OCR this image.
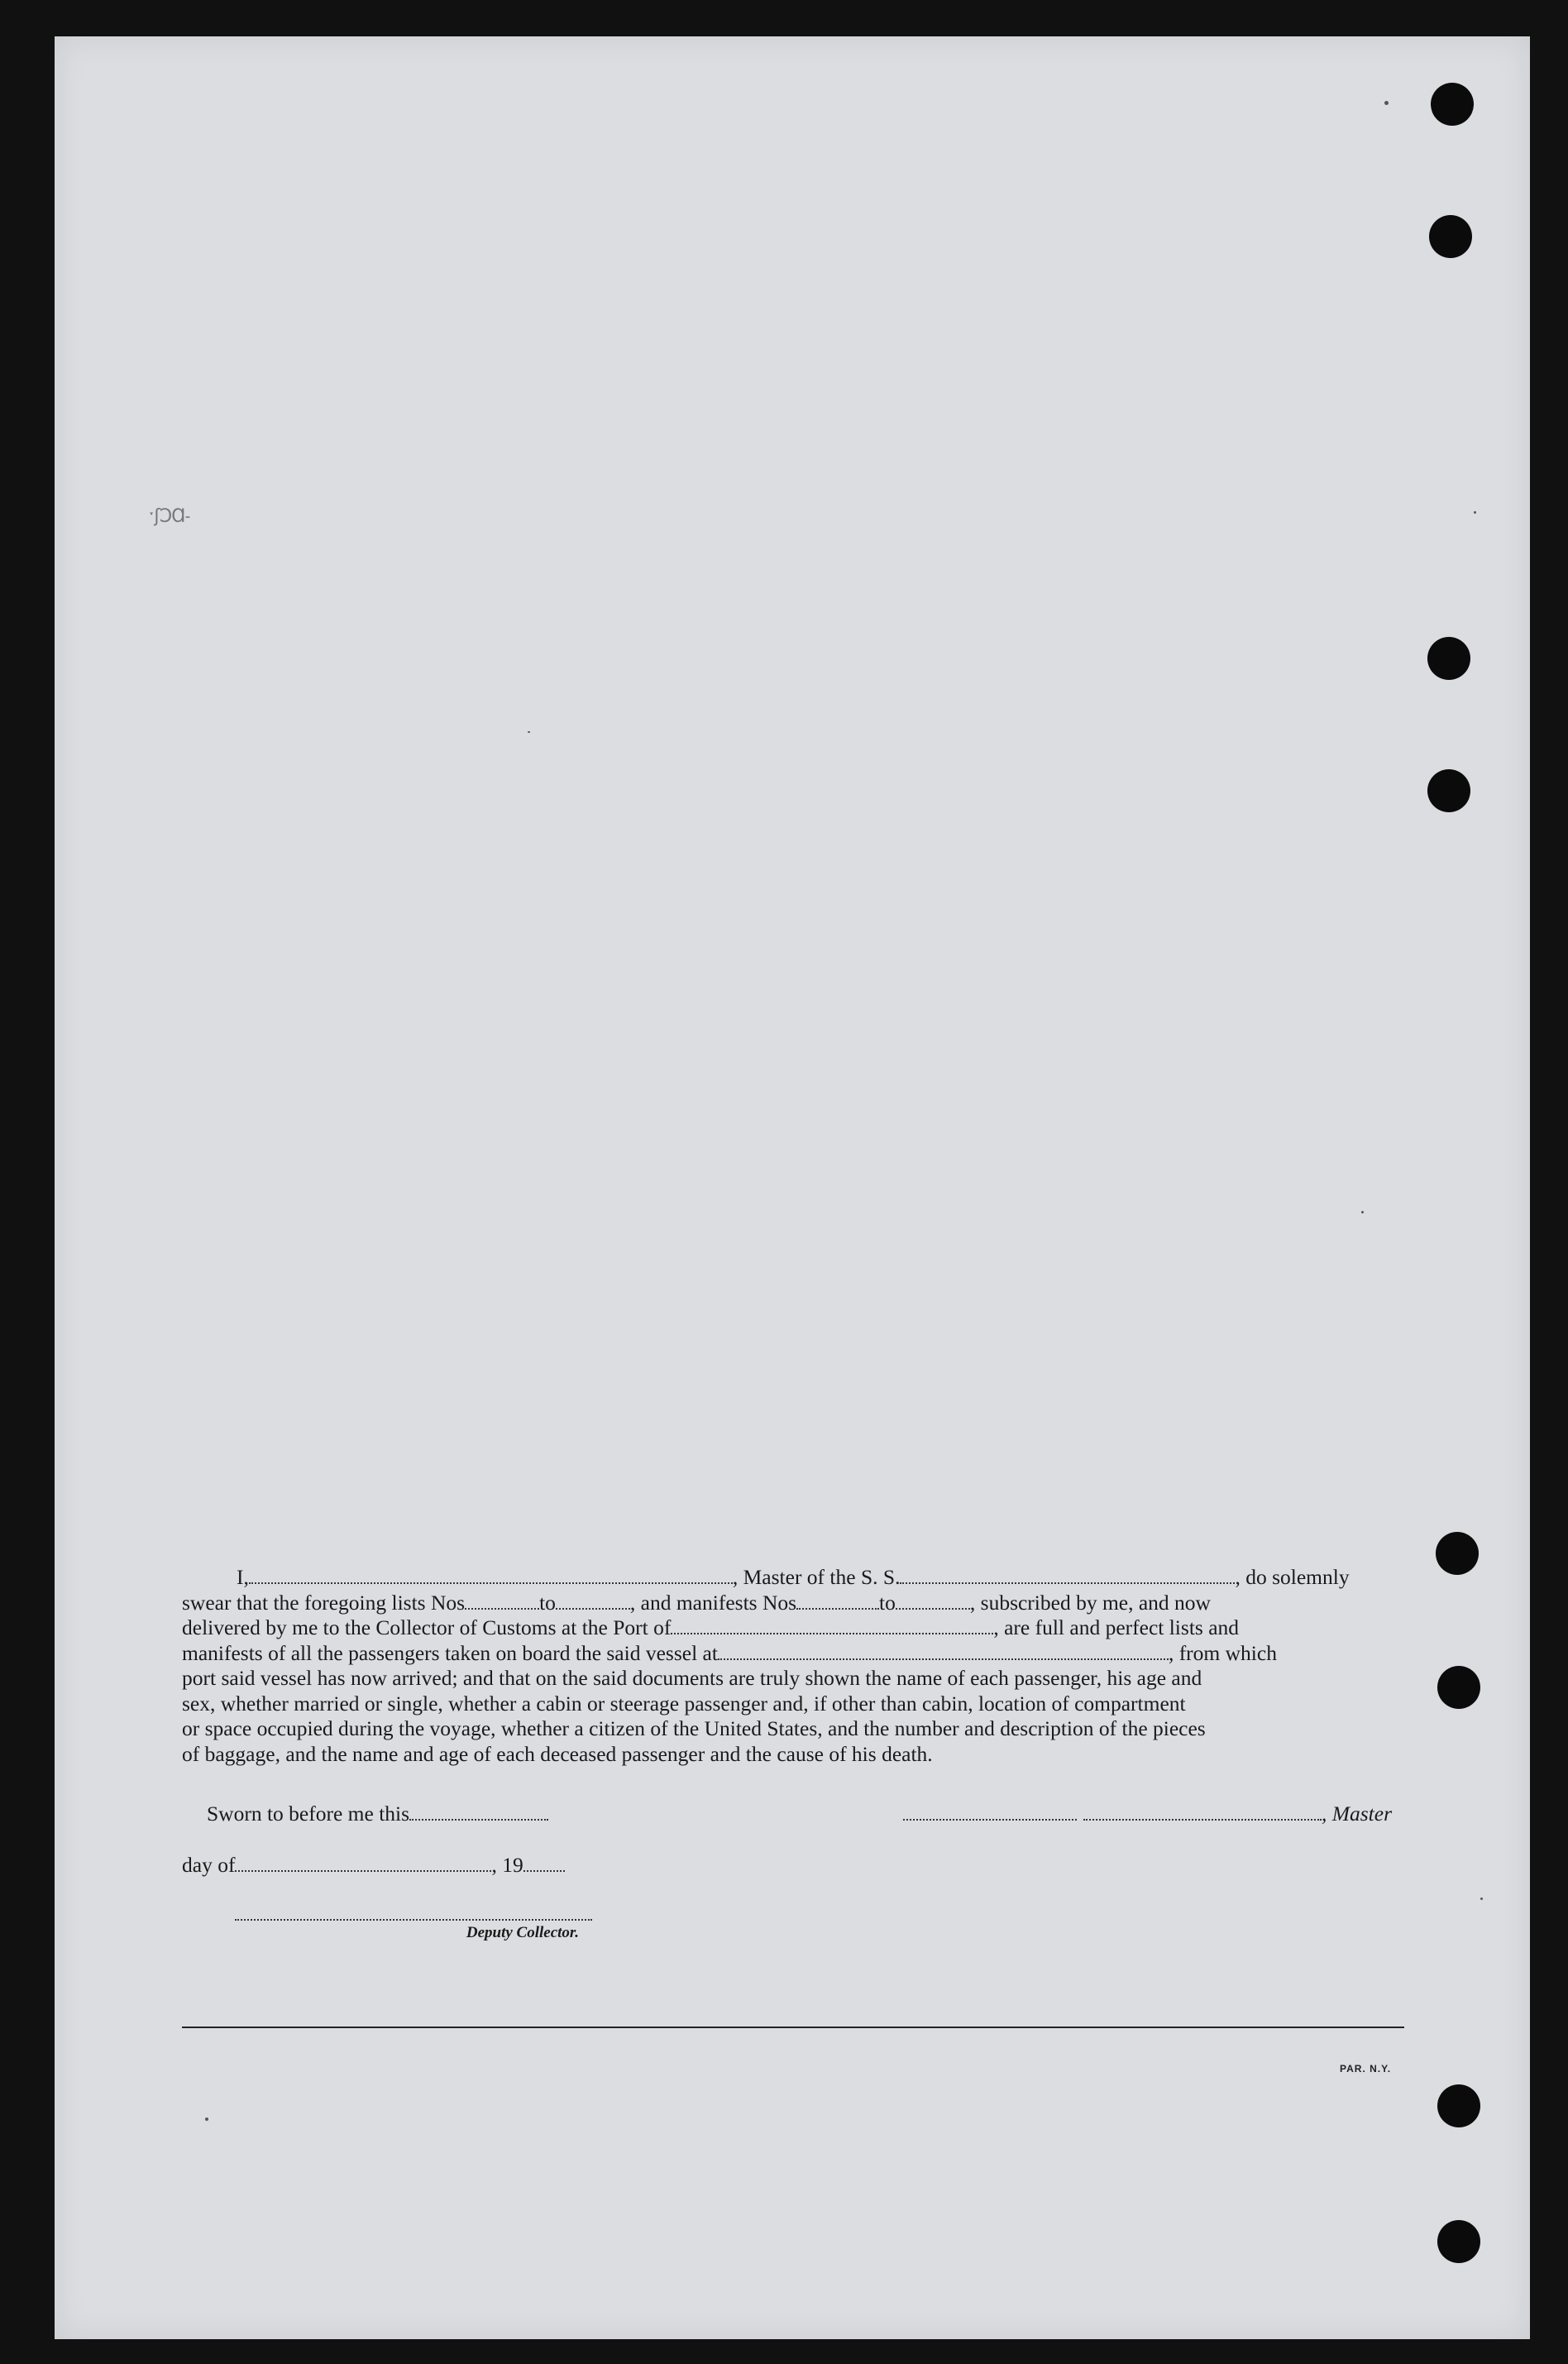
ˑʃƆⱭ˗
I,	, Master of the S. S.	, do solemnly
swear that the foregoing lists Nos	to	, and manifests Nos	to	, subscribed by me, and now
delivered by me to the Collector of Customs at the Port of	, are full and perfect lists and
manifests of all the passengers taken on board the said vessel at	, from which
port said vessel has now arrived; and that on the said documents are truly shown the name of each passenger, his age and
sex, whether married or single, whether a cabin or steerage passenger and, if other than cabin, location of compartment
or space occupied during the voyage, whether a citizen of the United States, and the number and description of the pieces
of baggage, and the name and age of each deceased passenger and the cause of his death.
Sworn to before me this
day of	, 19
Deputy Collector.
, Master
PAR. N.Y.
